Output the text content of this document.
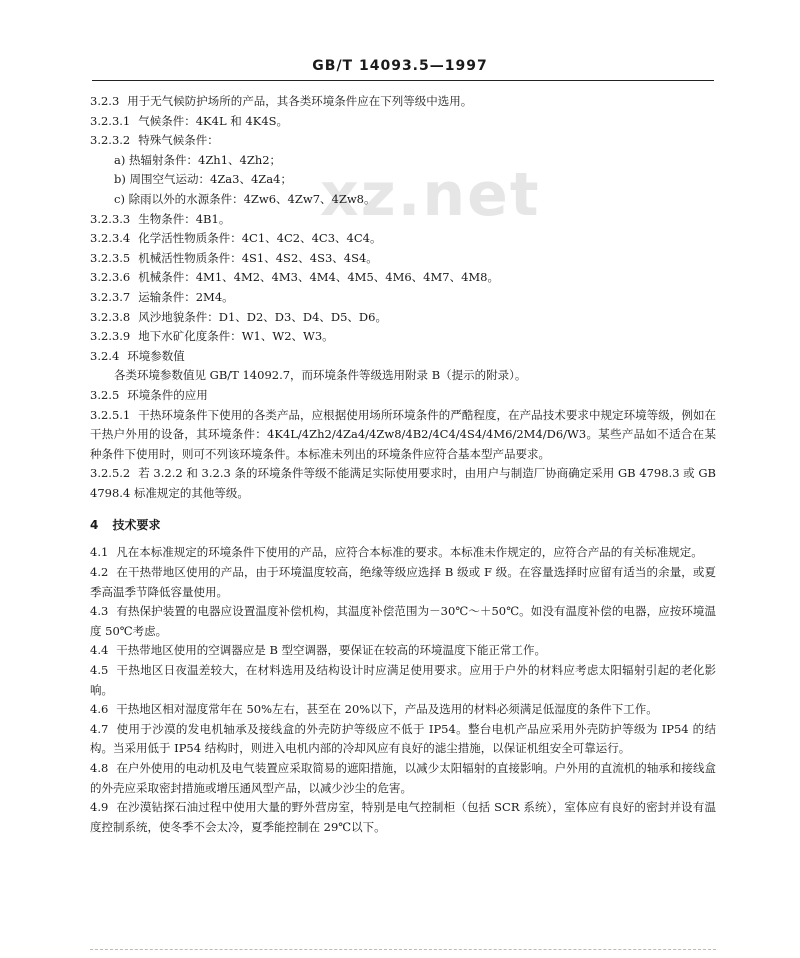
GB/T 14093.5—1997
xz.net
3.2.3 用于无气候防护场所的产品，其各类环境条件应在下列等级中选用。
3.2.3.1 气候条件：4K4L 和 4K4S。
3.2.3.2 特殊气候条件：
a) 热辐射条件：4Zh1、4Zh2；
b) 周围空气运动：4Za3、4Za4；
c) 除雨以外的水源条件：4Zw6、4Zw7、4Zw8。
3.2.3.3 生物条件：4B1。
3.2.3.4 化学活性物质条件：4C1、4C2、4C3、4C4。
3.2.3.5 机械活性物质条件：4S1、4S2、4S3、4S4。
3.2.3.6 机械条件：4M1、4M2、4M3、4M4、4M5、4M6、4M7、4M8。
3.2.3.7 运输条件：2M4。
3.2.3.8 风沙地貌条件：D1、D2、D3、D4、D5、D6。
3.2.3.9 地下水矿化度条件：W1、W2、W3。
3.2.4 环境参数值
各类环境参数值见 GB/T 14092.7，而环境条件等级选用附录 B（提示的附录）。
3.2.5 环境条件的应用
3.2.5.1 干热环境条件下使用的各类产品，应根据使用场所环境条件的严酷程度，在产品技术要求中规定环境等级，例如在干热户外用的设备，其环境条件：4K4L/4Zh2/4Za4/4Zw8/4B2/4C4/4S4/4M6/2M4/D6/W3。某些产品如不适合在某种条件下使用时，则可不列该环境条件。本标准未列出的环境条件应符合基本型产品要求。
3.2.5.2 若 3.2.2 和 3.2.3 条的环境条件等级不能满足实际使用要求时，由用户与制造厂协商确定采用 GB 4798.3 或 GB 4798.4 标准规定的其他等级。
4 技术要求
4.1 凡在本标准规定的环境条件下使用的产品，应符合本标准的要求。本标准未作规定的，应符合产品的有关标准规定。
4.2 在干热带地区使用的产品，由于环境温度较高，绝缘等级应选择 B 级或 F 级。在容量选择时应留有适当的余量，或夏季高温季节降低容量使用。
4.3 有热保护装置的电器应设置温度补偿机构，其温度补偿范围为－30℃～＋50℃。如没有温度补偿的电器，应按环境温度 50℃考虑。
4.4 干热带地区使用的空调器应是 B 型空调器，要保证在较高的环境温度下能正常工作。
4.5 干热地区日夜温差较大，在材料选用及结构设计时应满足使用要求。应用于户外的材料应考虑太阳辐射引起的老化影响。
4.6 干热地区相对湿度常年在 50%左右，甚至在 20%以下，产品及选用的材料必须满足低湿度的条件下工作。
4.7 使用于沙漠的发电机轴承及接线盒的外壳防护等级应不低于 IP54。整台电机产品应采用外壳防护等级为 IP54 的结构。当采用低于 IP54 结构时，则进入电机内部的冷却风应有良好的滤尘措施，以保证机组安全可靠运行。
4.8 在户外使用的电动机及电气装置应采取简易的遮阳措施，以减少太阳辐射的直接影响。户外用的直流机的轴承和接线盒的外壳应采取密封措施或增压通风型产品，以减少沙尘的危害。
4.9 在沙漠钻探石油过程中使用大量的野外营房室，特别是电气控制柜（包括 SCR 系统），室体应有良好的密封并设有温度控制系统，使冬季不会太冷，夏季能控制在 29℃以下。
